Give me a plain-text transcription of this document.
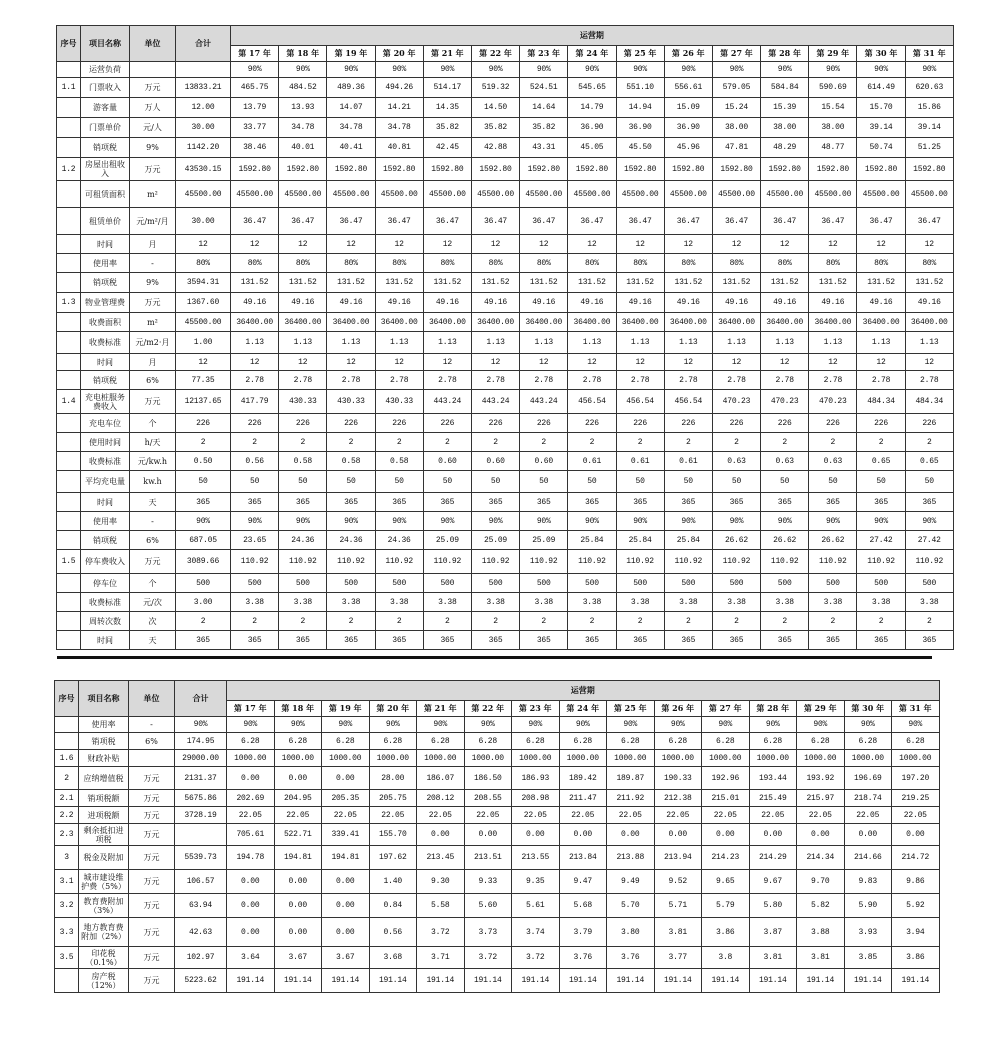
序号	项目名称	单位	合计	运营期														
				第 17 年	第 18 年	第 19 年	第 20 年	第 21 年	第 22 年	第 23 年	第 24 年	第 25 年	第 26 年	第 27 年	第 28 年	第 29 年	第 30 年	第 31 年
	运营负荷			90%	90%	90%	90%	90%	90%	90%	90%	90%	90%	90%	90%	90%	90%	90%
1.1	门票收入	万元	13833.21	465.75	484.52	489.36	494.26	514.17	519.32	524.51	545.65	551.10	556.61	579.05	584.84	590.69	614.49	620.63
	游客量	万人	12.00	13.79	13.93	14.07	14.21	14.35	14.50	14.64	14.79	14.94	15.09	15.24	15.39	15.54	15.70	15.86
	门票单价	元/人	30.00	33.77	34.78	34.78	34.78	35.82	35.82	35.82	36.90	36.90	36.90	38.00	38.00	38.00	39.14	39.14
	销项税	9%	1142.20	38.46	40.01	40.41	40.81	42.45	42.88	43.31	45.05	45.50	45.96	47.81	48.29	48.77	50.74	51.25
1.2	房屋出租收入	万元	43530.15	1592.80	1592.80	1592.80	1592.80	1592.80	1592.80	1592.80	1592.80	1592.80	1592.80	1592.80	1592.80	1592.80	1592.80	1592.80
	可租赁面积	m²	45500.00	45500.00	45500.00	45500.00	45500.00	45500.00	45500.00	45500.00	45500.00	45500.00	45500.00	45500.00	45500.00	45500.00	45500.00	45500.00
	租赁单价	元/m²/月	30.00	36.47	36.47	36.47	36.47	36.47	36.47	36.47	36.47	36.47	36.47	36.47	36.47	36.47	36.47	36.47
	时间	月	12	12	12	12	12	12	12	12	12	12	12	12	12	12	12	12
	使用率	-	80%	80%	80%	80%	80%	80%	80%	80%	80%	80%	80%	80%	80%	80%	80%	80%
	销项税	9%	3594.31	131.52	131.52	131.52	131.52	131.52	131.52	131.52	131.52	131.52	131.52	131.52	131.52	131.52	131.52	131.52
1.3	物业管理费	万元	1367.60	49.16	49.16	49.16	49.16	49.16	49.16	49.16	49.16	49.16	49.16	49.16	49.16	49.16	49.16	49.16
	收费面积	m²	45500.00	36400.00	36400.00	36400.00	36400.00	36400.00	36400.00	36400.00	36400.00	36400.00	36400.00	36400.00	36400.00	36400.00	36400.00	36400.00
	收费标准	元/m2·月	1.00	1.13	1.13	1.13	1.13	1.13	1.13	1.13	1.13	1.13	1.13	1.13	1.13	1.13	1.13	1.13
	时间	月	12	12	12	12	12	12	12	12	12	12	12	12	12	12	12	12
	销项税	6%	77.35	2.78	2.78	2.78	2.78	2.78	2.78	2.78	2.78	2.78	2.78	2.78	2.78	2.78	2.78	2.78
1.4	充电桩服务费收入	万元	12137.65	417.79	430.33	430.33	430.33	443.24	443.24	443.24	456.54	456.54	456.54	470.23	470.23	470.23	484.34	484.34
	充电车位	个	226	226	226	226	226	226	226	226	226	226	226	226	226	226	226	226
	使用时间	h/天	2	2	2	2	2	2	2	2	2	2	2	2	2	2	2	2
	收费标准	元/kw.h	0.50	0.56	0.58	0.58	0.58	0.60	0.60	0.60	0.61	0.61	0.61	0.63	0.63	0.63	0.65	0.65
	平均充电量	kw.h	50	50	50	50	50	50	50	50	50	50	50	50	50	50	50	50
	时间	天	365	365	365	365	365	365	365	365	365	365	365	365	365	365	365	365
	使用率	-	90%	90%	90%	90%	90%	90%	90%	90%	90%	90%	90%	90%	90%	90%	90%	90%
	销项税	6%	687.05	23.65	24.36	24.36	24.36	25.09	25.09	25.09	25.84	25.84	25.84	26.62	26.62	26.62	27.42	27.42
1.5	停车费收入	万元	3089.66	110.92	110.92	110.92	110.92	110.92	110.92	110.92	110.92	110.92	110.92	110.92	110.92	110.92	110.92	110.92
	停车位	个	500	500	500	500	500	500	500	500	500	500	500	500	500	500	500	500
	收费标准	元/次	3.00	3.38	3.38	3.38	3.38	3.38	3.38	3.38	3.38	3.38	3.38	3.38	3.38	3.38	3.38	3.38
	周转次数	次	2	2	2	2	2	2	2	2	2	2	2	2	2	2	2	2
	时间	天	365	365	365	365	365	365	365	365	365	365	365	365	365	365	365	365
序号	项目名称	单位	合计	运营期														
				第 17 年	第 18 年	第 19 年	第 20 年	第 21 年	第 22 年	第 23 年	第 24 年	第 25 年	第 26 年	第 27 年	第 28 年	第 29 年	第 30 年	第 31 年
	使用率	-	90%	90%	90%	90%	90%	90%	90%	90%	90%	90%	90%	90%	90%	90%	90%	90%
	销项税	6%	174.95	6.28	6.28	6.28	6.28	6.28	6.28	6.28	6.28	6.28	6.28	6.28	6.28	6.28	6.28	6.28
1.6	财政补贴		29000.00	1000.00	1000.00	1000.00	1000.00	1000.00	1000.00	1000.00	1000.00	1000.00	1000.00	1000.00	1000.00	1000.00	1000.00	1000.00
2	应纳增值税	万元	2131.37	0.00	0.00	0.00	28.00	186.07	186.50	186.93	189.42	189.87	190.33	192.96	193.44	193.92	196.69	197.20
2.1	销项税额	万元	5675.86	202.69	204.95	205.35	205.75	208.12	208.55	208.98	211.47	211.92	212.38	215.01	215.49	215.97	218.74	219.25
2.2	进项税额	万元	3728.19	22.05	22.05	22.05	22.05	22.05	22.05	22.05	22.05	22.05	22.05	22.05	22.05	22.05	22.05	22.05
2.3	剩余抵扣进项税	万元		705.61	522.71	339.41	155.70	0.00	0.00	0.00	0.00	0.00	0.00	0.00	0.00	0.00	0.00	0.00
3	税金及附加	万元	5539.73	194.78	194.81	194.81	197.62	213.45	213.51	213.55	213.84	213.88	213.94	214.23	214.29	214.34	214.66	214.72
3.1	城市建设维护费（5%）	万元	106.57	0.00	0.00	0.00	1.40	9.30	9.33	9.35	9.47	9.49	9.52	9.65	9.67	9.70	9.83	9.86
3.2	教育费附加（3%）	万元	63.94	0.00	0.00	0.00	0.84	5.58	5.60	5.61	5.68	5.70	5.71	5.79	5.80	5.82	5.90	5.92
3.3	地方教育费附加（2%）	万元	42.63	0.00	0.00	0.00	0.56	3.72	3.73	3.74	3.79	3.80	3.81	3.86	3.87	3.88	3.93	3.94
3.5	印花税（0.1%）	万元	102.97	3.64	3.67	3.67	3.68	3.71	3.72	3.72	3.76	3.76	3.77	3.8	3.81	3.81	3.85	3.86
	房产税（12%）	万元	5223.62	191.14	191.14	191.14	191.14	191.14	191.14	191.14	191.14	191.14	191.14	191.14	191.14	191.14	191.14	191.14
